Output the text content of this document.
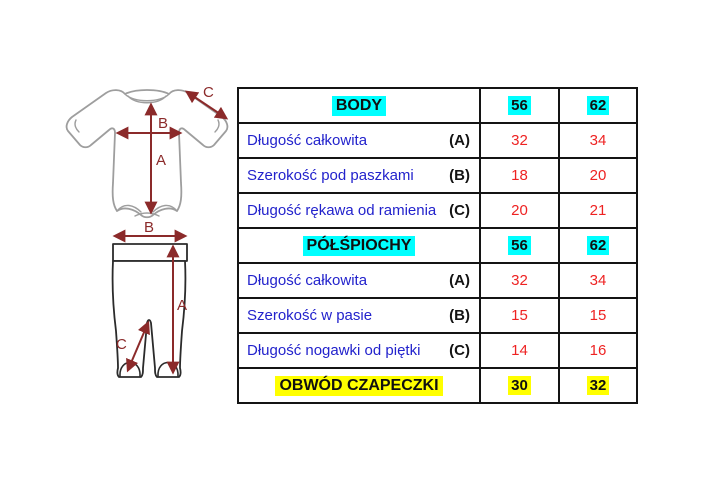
A
B
C
B
A
C
BODY	56	62
Długość całkowita	(A)	32	34
Szerokość pod paszkami (B)	18	20
Długość rękawa od ramienia (C)	20	21
PÓŁŚPIOCHY	56	62
Długość całkowita	(A)	32	34
Szerokość w pasie	(B)	15	15
Długość nogawki od piętki (C)	14	16
OBWÓD CZAPECZKI	30	32
